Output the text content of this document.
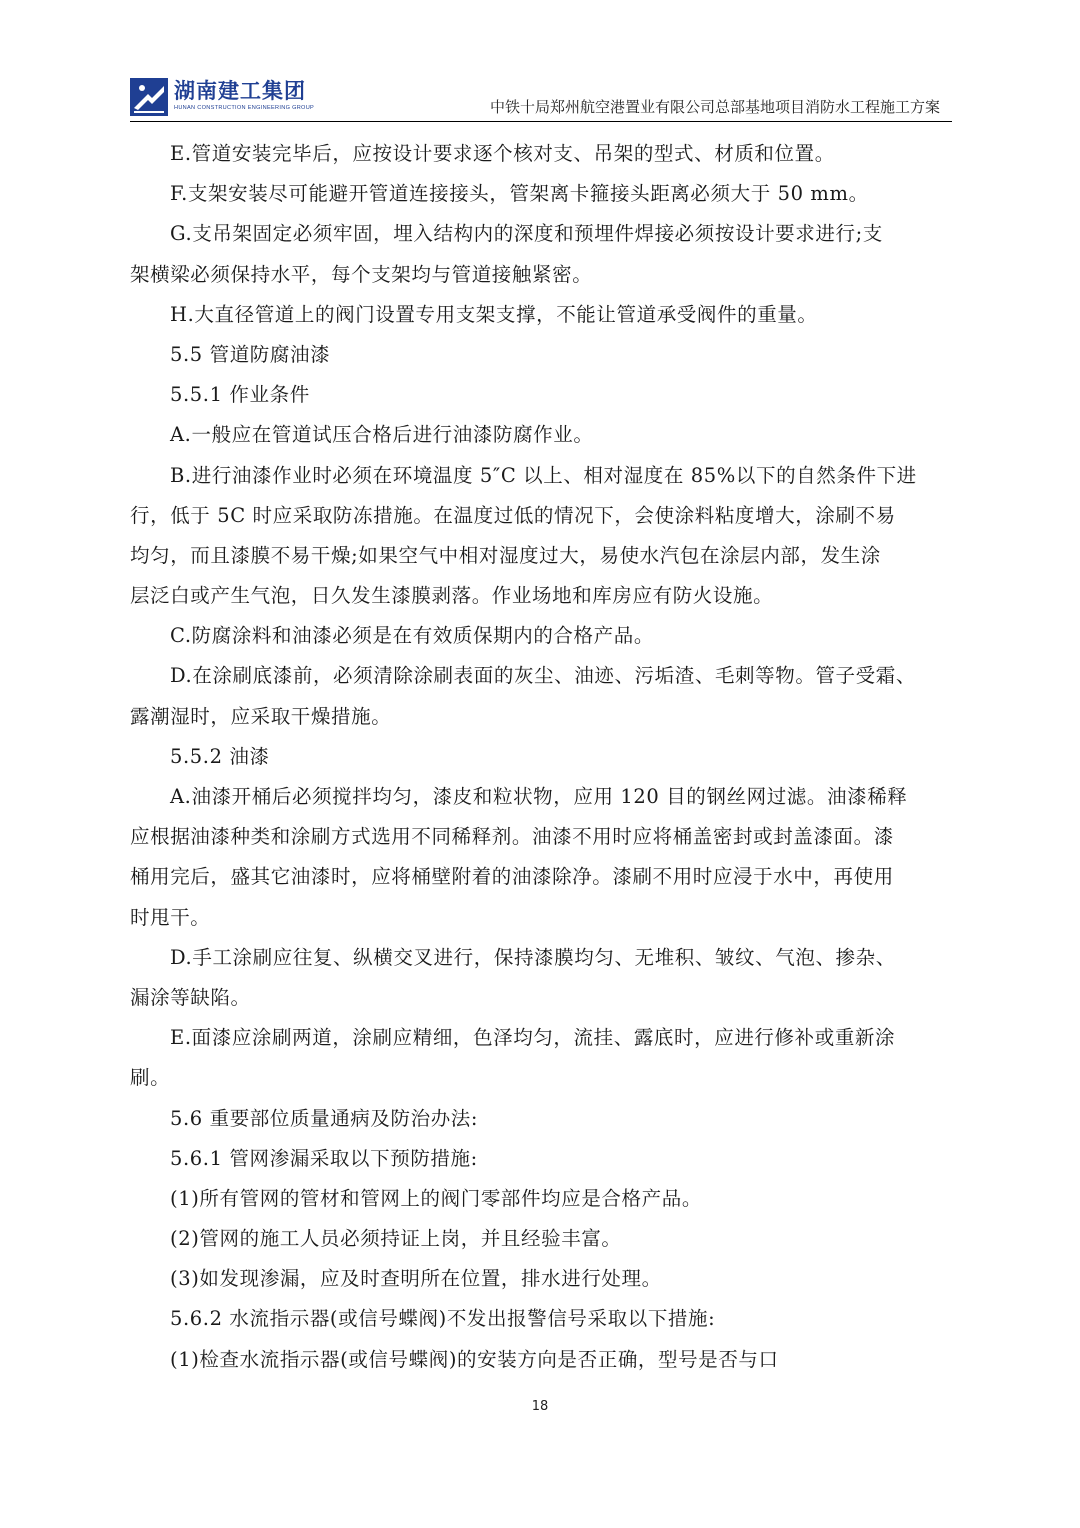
湖南建工集团
HUNAN CONSTRUCTION ENGINEERING GROUP	中铁十局郑州航空港置业有限公司总部基地项目消防水工程施工方案
E.管道安装完毕后，应按设计要求逐个核对支、吊架的型式、材质和位置。
F.支架安装尽可能避开管道连接接头，管架离卡箍接头距离必须大于 50 mm。
G.支吊架固定必须牢固，埋入结构内的深度和预埋件焊接必须按设计要求进行;支
架横梁必须保持水平，每个支架均与管道接触紧密。
H.大直径管道上的阀门设置专用支架支撑，不能让管道承受阀件的重量。
5.5 管道防腐油漆
5.5.1 作业条件
A.一般应在管道试压合格后进行油漆防腐作业。
B.进行油漆作业时必须在环境温度 5″C 以上、相对湿度在 85%以下的自然条件下进
行，低于 5C 时应采取防冻措施。在温度过低的情况下，会使涂料粘度增大，涂刷不易
均匀，而且漆膜不易干燥;如果空气中相对湿度过大，易使水汽包在涂层内部，发生涂
层泛白或产生气泡，日久发生漆膜剥落。作业场地和库房应有防火设施。
C.防腐涂料和油漆必须是在有效质保期内的合格产品。
D.在涂刷底漆前，必须清除涂刷表面的灰尘、油迹、污垢渣、毛刺等物。管子受霜、
露潮湿时，应采取干燥措施。
5.5.2 油漆
A.油漆开桶后必须搅拌均匀，漆皮和粒状物，应用 120 目的钢丝网过滤。油漆稀释
应根据油漆种类和涂刷方式选用不同稀释剂。油漆不用时应将桶盖密封或封盖漆面。漆
桶用完后，盛其它油漆时，应将桶壁附着的油漆除净。漆刷不用时应浸于水中，再使用
时甩干。
D.手工涂刷应往复、纵横交叉进行，保持漆膜均匀、无堆积、皱纹、气泡、掺杂、
漏涂等缺陷。
E.面漆应涂刷两道，涂刷应精细，色泽均匀，流挂、露底时，应进行修补或重新涂
刷。
5.6 重要部位质量通病及防治办法:
5.6.1 管网渗漏采取以下预防措施:
(1)所有管网的管材和管网上的阀门零部件均应是合格产品。
(2)管网的施工人员必须持证上岗，并且经验丰富。
(3)如发现渗漏，应及时查明所在位置，排水进行处理。
5.6.2 水流指示器(或信号蝶阀)不发出报警信号采取以下措施:
(1)检查水流指示器(或信号蝶阀)的安装方向是否正确，型号是否与口
18
